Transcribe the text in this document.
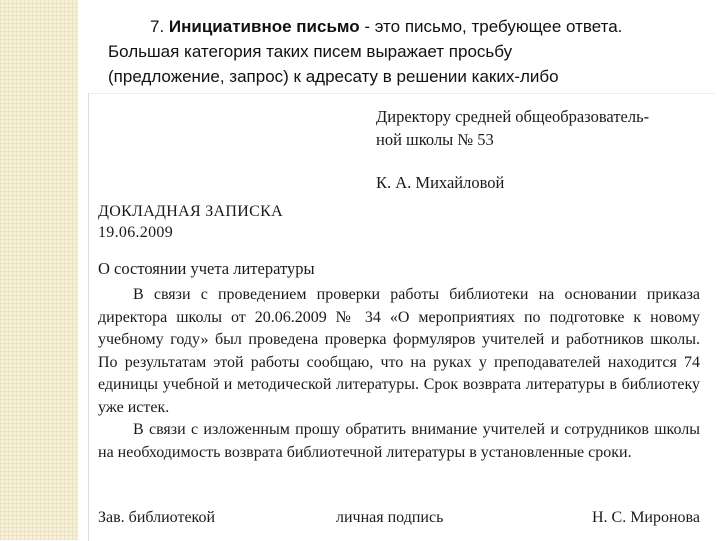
7. Инициативное письмо - это письмо, требующее ответа.
Большая категория таких писем выражает просьбу
(предложение, запрос) к адресату в решении каких-либо
Директору средней общеобразователь-
ной школы № 53
К. А. Михайловой
ДОКЛАДНАЯ ЗАПИСКА
19.06.2009
О состоянии учета литературы

В связи с проведением проверки работы библиотеки на основании приказа директора школы от 20.06.2009 № 34 «О мероприятиях по подготовке к новому учебному году» был проведена проверка формуляров учителей и работников школы. По результатам этой работы сообщаю, что на руках у преподавателей находится 74 единицы учебной и методической литературы. Срок возврата литературы в библиотеку уже истек.

В связи с изложенным прошу обратить внимание учителей и сотрудников школы на необходимость возврата библиотечной литературы в установленные сроки.

Зав. библиотекой	личная подпись	Н. С. Миронова
